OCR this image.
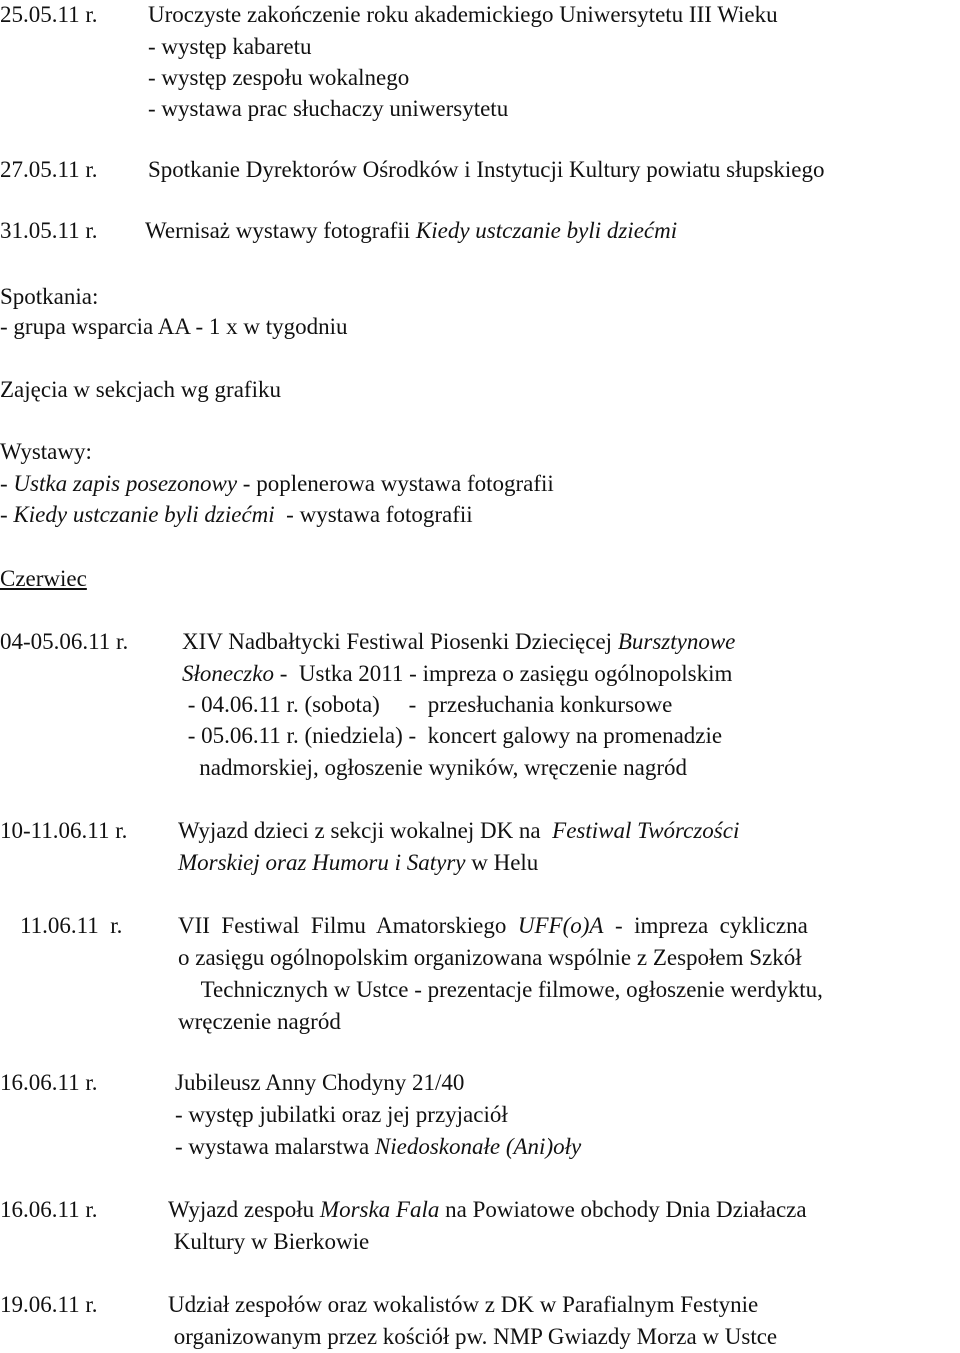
25.05.11 r. Uroczyste zakończenie roku akademickiego Uniwersytetu III Wieku
- występ kabaretu
- występ zespołu wokalnego
- wystawa prac słuchaczy uniwersytetu
27.05.11 r. Spotkanie Dyrektorów Ośrodków i Instytucji Kultury powiatu słupskiego
31.05.11 r. Wernisaż wystawy fotografii Kiedy ustczanie byli dziećmi
Spotkania:
- grupa wsparcia AA - 1 x w tygodniu
Zajęcia w sekcjach wg grafiku
Wystawy:
- Ustka zapis posezonowy - poplenerowa wystawa fotografii
- Kiedy ustczanie byli dziećmi  - wystawa fotografii
Czerwiec
04-05.06.11 r. XIV Nadbałtycki Festiwal Piosenki Dziecięcej Bursztynowe
Słoneczko -  Ustka 2011 - impreza o zasięgu ogólnopolskim
- 04.06.11 r. (sobota)     -  przesłuchania konkursowe
- 05.06.11 r. (niedziela) -  koncert galowy na promenadzie
nadmorskiej, ogłoszenie wyników, wręczenie nagród
10-11.06.11 r. Wyjazd dzieci z sekcji wokalnej DK na  Festiwal Twórczości
Morskiej oraz Humoru i Satyry w Helu
11.06.11  r. VII  Festiwal  Filmu  Amatorskiego  UFF(o)A  -  impreza  cykliczna
o zasięgu ogólnopolskim organizowana wspólnie z Zespołem Szkół
Technicznych w Ustce - prezentacje filmowe, ogłoszenie werdyktu,
wręczenie nagród
16.06.11 r.	Jubileusz Anny Chodyny 21/40
- występ jubilatki oraz jej przyjaciół
- wystawa malarstwa Niedoskonałe (Ani)oły
16.06.11 r.	Wyjazd zespołu Morska Fala na Powiatowe obchody Dnia Działacza
Kultury w Bierkowie
19.06.11 r.	Udział zespołów oraz wokalistów z DK w Parafialnym Festynie
organizowanym przez kościół pw. NMP Gwiazdy Morza w Ustce
